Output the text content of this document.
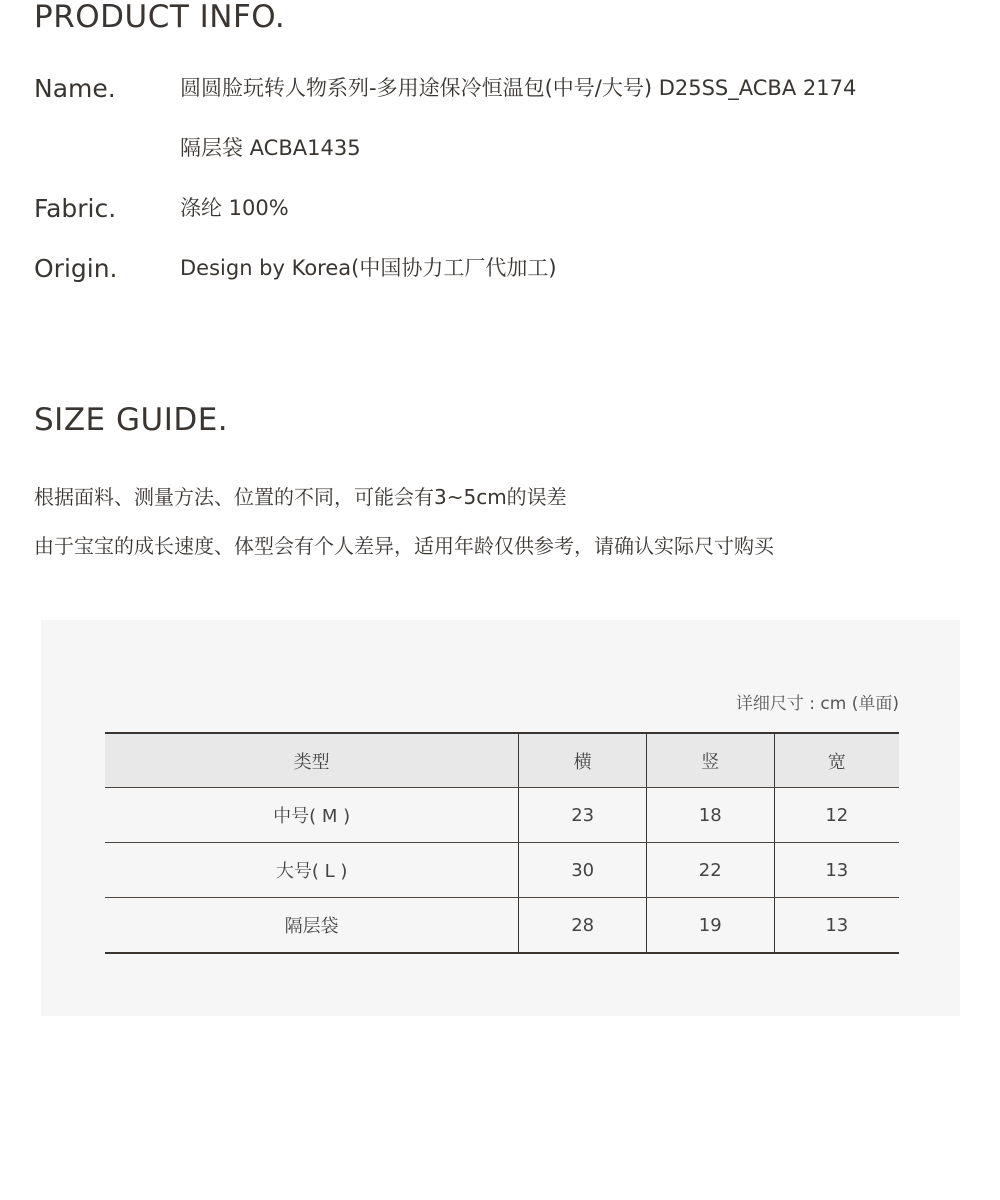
PRODUCT INFO.
Name.	圆圆脸玩转人物系列-多用途保冷恒温包(中号/大号) D25SS_ACBA 2174
隔层袋 ACBA1435
Fabric.	涤纶 100%
Origin.	Design by Korea(中国协力工厂代加工)
SIZE GUIDE.

根据面料、测量方法、位置的不同，可能会有3~5cm的误差

由于宝宝的成长速度、体型会有个人差异，适用年龄仅供参考，请确认实际尺寸购买

详细尺寸 : cm (单面)
类型	横	竖	宽
中号( M )	23	18	12
大号( L )	30	22	13
隔层袋	28	19	13
